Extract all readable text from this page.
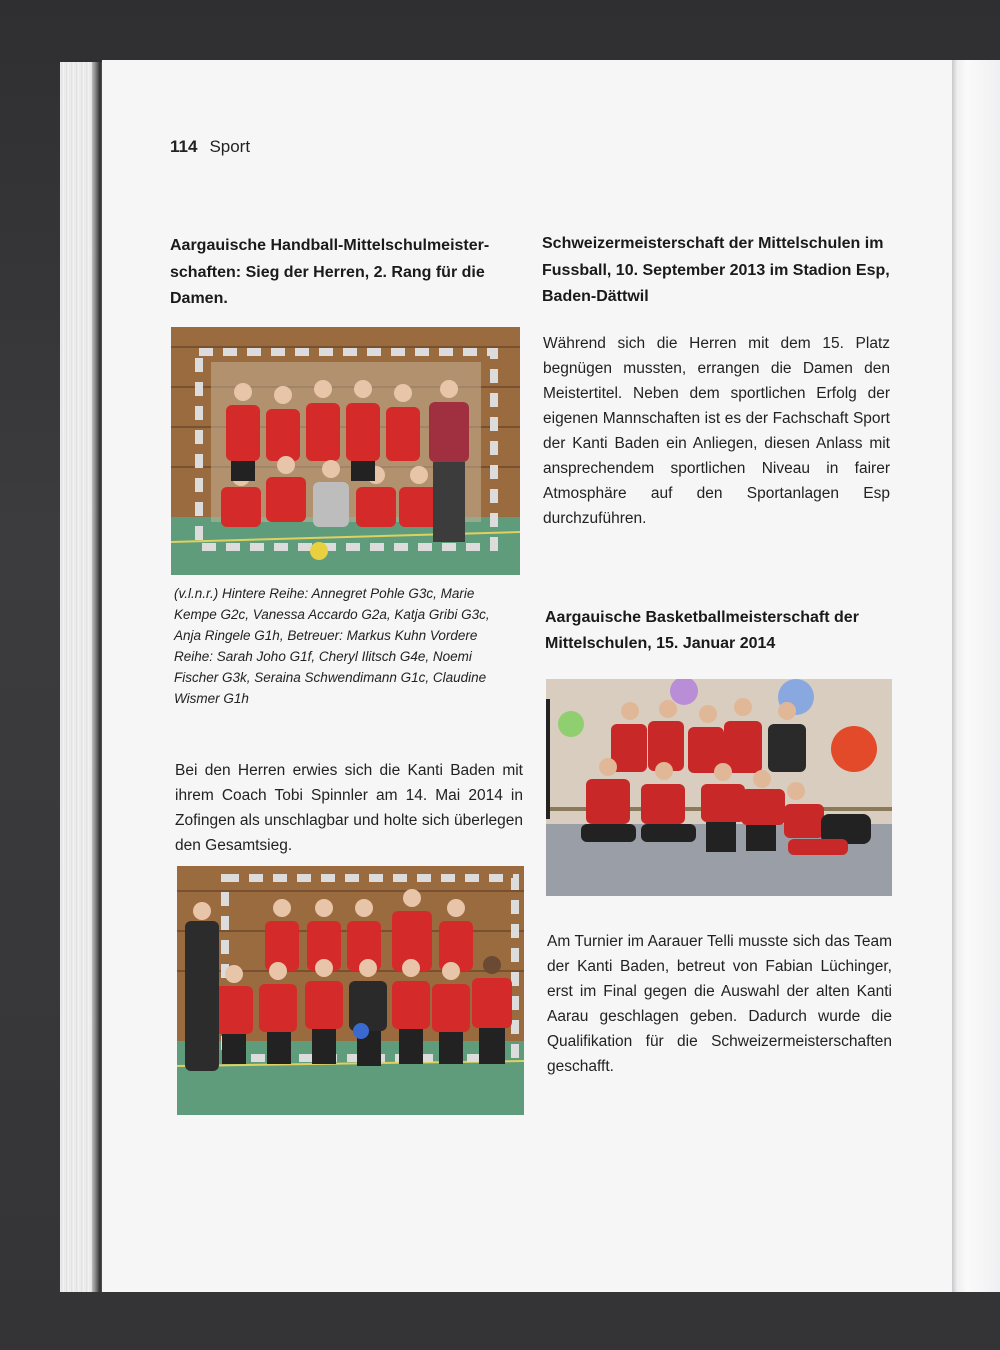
114 Sport
Aargauische Handball-Mittelschulmeister-schaften: Sieg der Herren, 2. Rang für die Damen.

(v.l.n.r.) Hintere Reihe: Annegret Pohle G3c, Marie Kempe G2c, Vanessa Accardo G2a, Katja Gribi G3c, Anja Ringele G1h, Betreuer: Markus Kuhn Vordere Reihe: Sarah Joho G1f, Cheryl Ilitsch G4e, Noemi Fischer G3k, Seraina Schwendimann G1c, Claudine Wismer G1h

Bei den Herren erwies sich die Kanti Baden mit ihrem Coach Tobi Spinnler am 14. Mai 2014 in Zofingen als unschlagbar und holte sich überlegen den Gesamtsieg.

Schweizermeisterschaft der Mittelschulen im Fussball, 10. September 2013 im Stadion Esp, Baden-Dättwil

Während sich die Herren mit dem 15. Platz begnügen mussten, errangen die Damen den Meistertitel. Neben dem sportlichen Erfolg der eigenen Mannschaften ist es der Fachschaft Sport der Kanti Baden ein Anliegen, diesen Anlass mit ansprechendem sportlichen Niveau in fairer Atmosphäre auf den Sportanlagen Esp durchzuführen.

Aargauische Basketballmeisterschaft der Mittelschulen, 15. Januar 2014

Am Turnier im Aarauer Telli musste sich das Team der Kanti Baden, betreut von Fabian Lüchinger, erst im Final gegen die Auswahl der alten Kanti Aarau geschlagen geben. Dadurch wurde die Qualifikation für die Schweizermeisterschaften geschafft.
